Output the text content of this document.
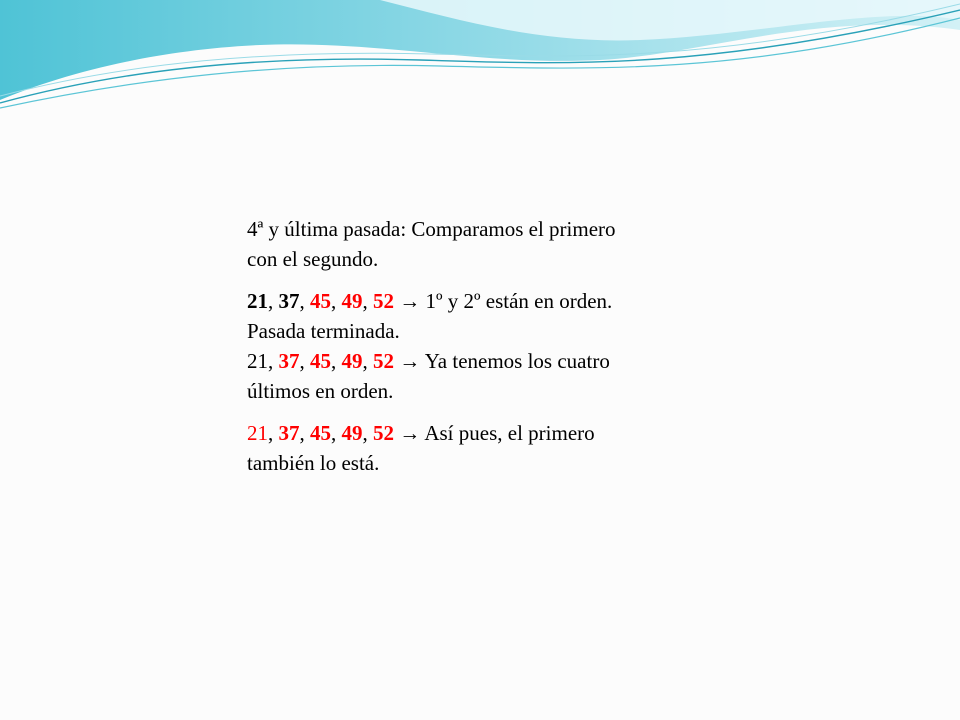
4ª y última pasada: Comparamos el primero
con el segundo.
21, 37, 45, 49, 52 → 1º y 2º están en orden.
Pasada terminada.
21, 37, 45, 49, 52 → Ya tenemos los cuatro
últimos en orden.
21, 37, 45, 49, 52 → Así pues, el primero
también lo está.
